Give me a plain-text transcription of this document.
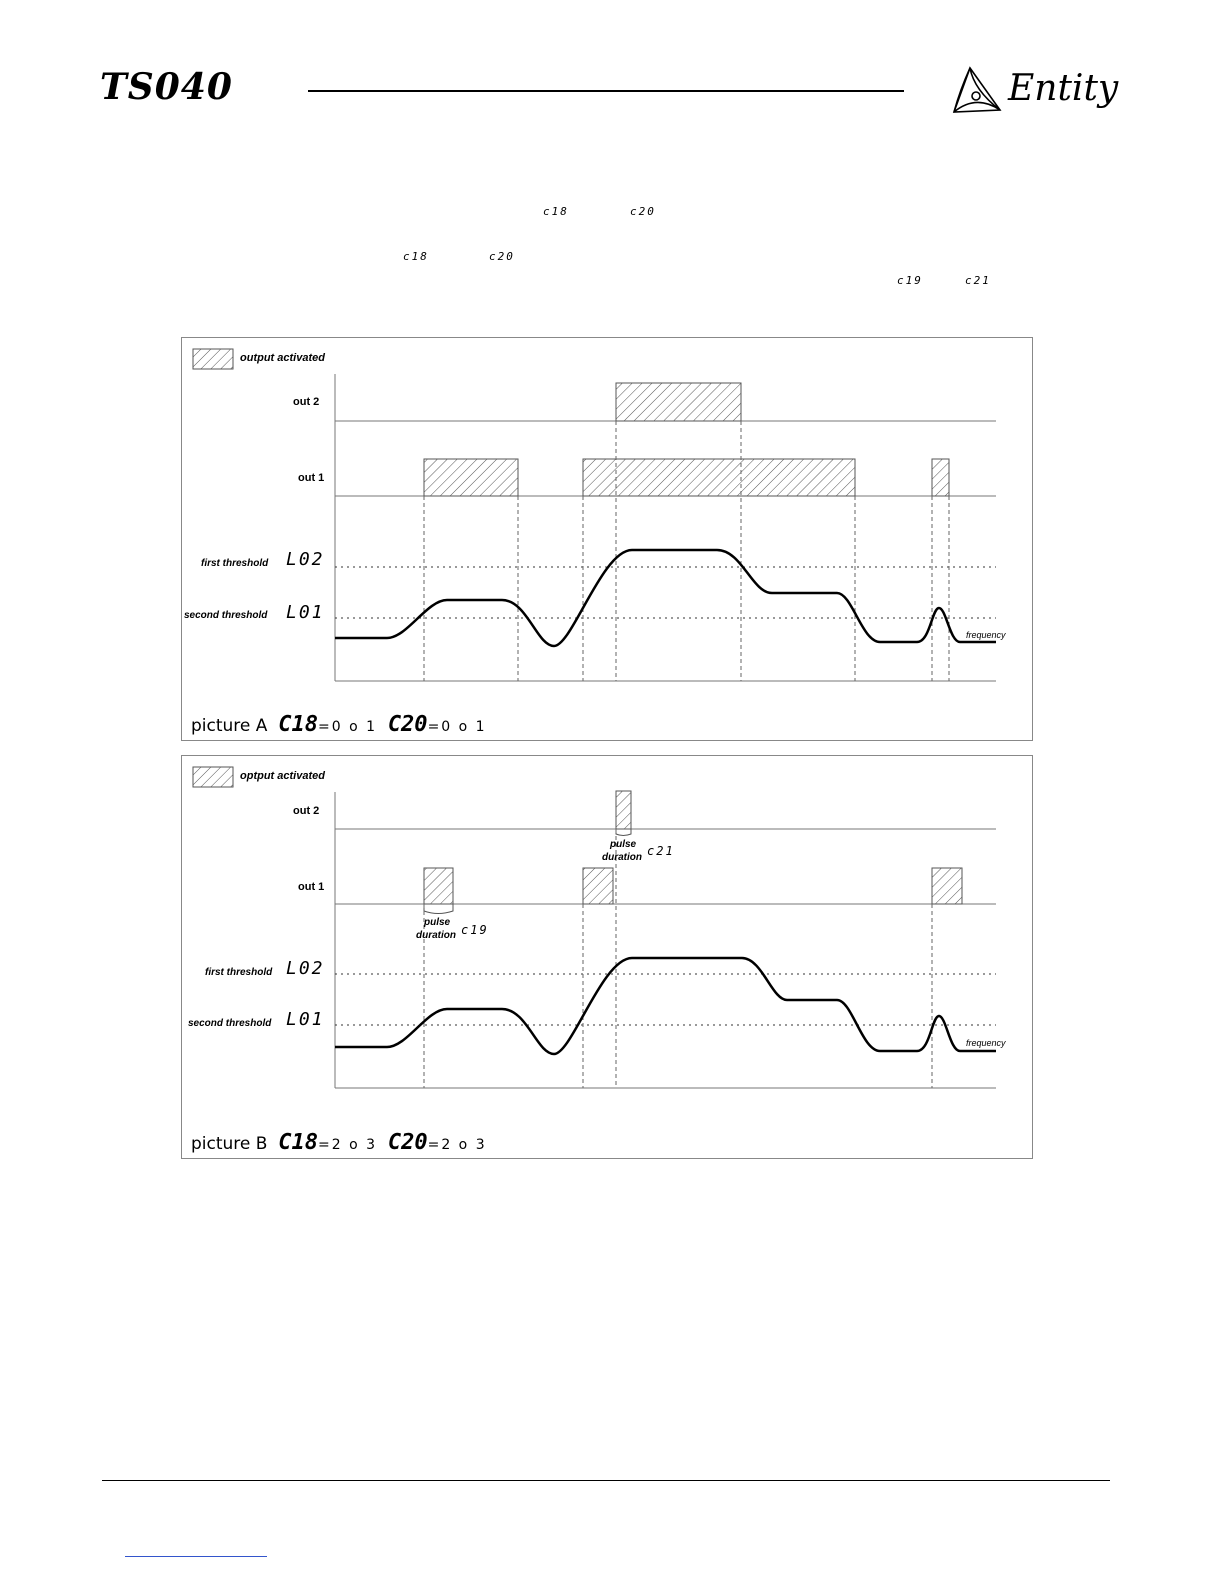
TS040	Entity
c18	c20
c18	c20
c19	c21
output activated
out 2
out 1
first threshold L02
second threshold L01
frequency
picture A C18=0 o 1 C20=0 o 1
optput activated
out 2
out 1
pulse
duration c21
pulse
duration c19
first threshold L02
second threshold L01
frequency
picture B C18=2 o 3 C20=2 o 3
